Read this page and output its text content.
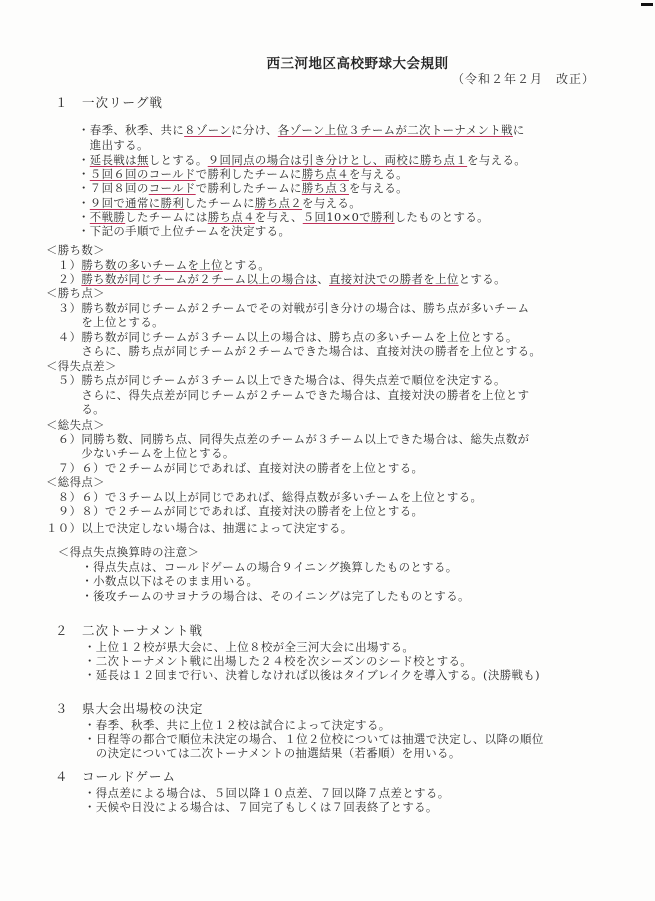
西三河地区高校野球大会規則
（令和２年２月　改正）
１　一次リーグ戦
・春季、秋季、共に８ゾーンに分け、各ゾーン上位３チームが二次トーナメント戦に
　進出する。
・延長戦は無しとする。９回同点の場合は引き分けとし、両校に勝ち点１を与える。
・５回６回のコールドで勝利したチームに勝ち点４を与える。
・７回８回のコールドで勝利したチームに勝ち点３を与える。
・９回で通常に勝利したチームに勝ち点２を与える。
・不戦勝したチームには勝ち点４を与え、５回10×0で勝利したものとする。
・下記の手順で上位チームを決定する。
＜勝ち数＞
　１）勝ち数の多いチームを上位とする。
　２）勝ち数が同じチームが２チーム以上の場合は、直接対決での勝者を上位とする。
＜勝ち点＞
　３）勝ち数が同じチームが２チームでその対戦が引き分けの場合は、勝ち点が多いチーム
　　　を上位とする。
　４）勝ち数が同じチームが３チーム以上の場合は、勝ち点の多いチームを上位とする。
　　　さらに、勝ち点が同じチームが２チームできた場合は、直接対決の勝者を上位とする。
＜得失点差＞
　５）勝ち点が同じチームが３チーム以上できた場合は、得失点差で順位を決定する。
　　　さらに、得失点差が同じチームが２チームできた場合は、直接対決の勝者を上位とす
　　　る。
＜総失点＞
　６）同勝ち数、同勝ち点、同得失点差のチームが３チーム以上できた場合は、総失点数が
　　　少ないチームを上位とする。
　７）６）で２チームが同じであれば、直接対決の勝者を上位とする。
＜総得点＞
　８）６）で３チーム以上が同じであれば、総得点数が多いチームを上位とする。
　９）８）で２チームが同じであれば、直接対決の勝者を上位とする。
１０）以上で決定しない場合は、抽選によって決定する。
　＜得点失点換算時の注意＞
　　　・得点失点は、コールドゲームの場合９イニング換算したものとする。
　　　・小数点以下はそのまま用いる。
　　　・後攻チームのサヨナラの場合は、そのイニングは完了したものとする。
２　二次トーナメント戦
・上位１２校が県大会に、上位８校が全三河大会に出場する。
・二次トーナメント戦に出場した２４校を次シーズンのシード校とする。
・延長は１２回まで行い、決着しなければ以後はタイブレイクを導入する。(決勝戦も)
３　県大会出場校の決定
・春季、秋季、共に上位１２校は試合によって決定する。
・日程等の都合で順位未決定の場合、１位２位校については抽選で決定し、以降の順位
　の決定については二次トーナメントの抽選結果（若番順）を用いる。
４　コールドゲーム
・得点差による場合は、５回以降１０点差、７回以降７点差とする。
・天候や日没による場合は、７回完了もしくは７回表終了とする。
